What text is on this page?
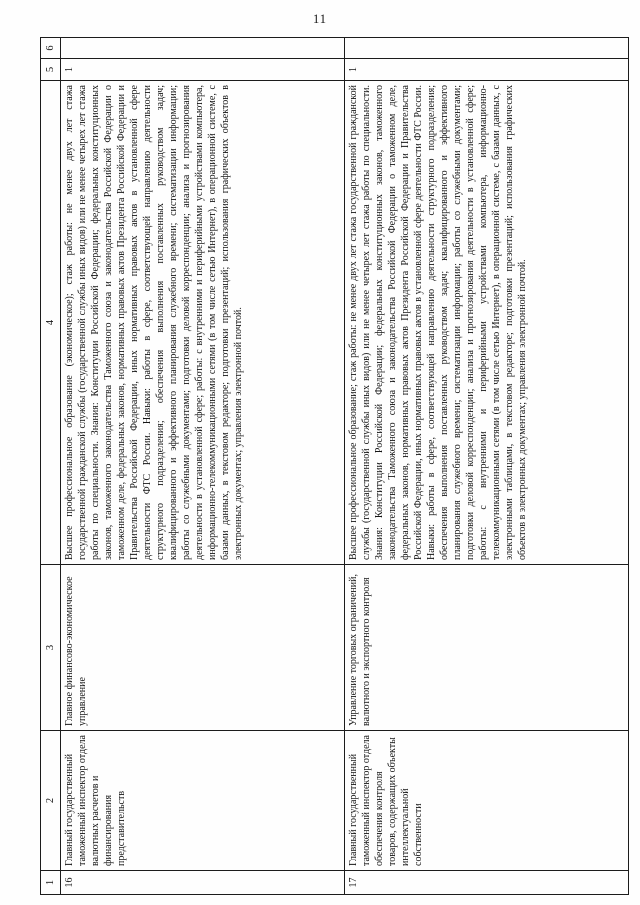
11
1	2	3	4	5	6
16	Главный государственный таможенный инспектор отдела валютных расчетов и финансирования представительств	Главное финансово-экономическое управление	Высшее профессиональное образование (экономическое); стаж работы: не менее двух лет стажа государственной гражданской службы (государственной службы иных видов) или не менее четырех лет стажа работы по специальности. Знания: Конституции Российской Федерации; федеральных конституционных законов, таможенного законодательства Таможенного союза и законодательства Российской Федерации о таможенном деле, федеральных законов, нормативных правовых актов Президента Российской Федерации и Правительства Российской Федерации, иных нормативных правовых актов в установленной сфере деятельности ФТС России. Навыки: работы в сфере, соответствующей направлению деятельности структурного подразделения; обеспечения выполнения поставленных руководством задач; квалифицированного и эффективного планирования служебного времени; систематизации информации; работы со служебными документами; подготовки деловой корреспонденции; анализа и прогнозирования деятельности в установленной сфере; работы: с внутренними и периферийными устройствами компьютера, информационно-телекоммуникационными сетями (в том числе сетью Интернет), в операционной системе, с базами данных, в текстовом редакторе; подготовки презентаций; использования графических объектов в электронных документах; управления электронной почтой.	1	
17	Главный государственный таможенный инспектор отдела обеспечения контроля товаров, содержащих объекты интеллектуальной собственности	Управление торговых ограничений, валютного и экспортного контроля	Высшее профессиональное образование; стаж работы: не менее двух лет стажа государственной гражданской службы (государственной службы иных видов) или не менее четырех лет стажа работы по специальности. Знания: Конституции Российской Федерации; федеральных конституционных законов, таможенного законодательства Таможенного союза и законодательства Российской Федерации о таможенном деле, федеральных законов, нормативных правовых актов Президента Российской Федерации и Правительства Российской Федерации, иных нормативных правовых актов в установленной сфере деятельности ФТС России. Навыки: работы в сфере, соответствующей направлению деятельности структурного подразделения; обеспечения выполнения поставленных руководством задач; квалифицированного и эффективного планирования служебного времени; систематизации информации; работы со служебными документами; подготовки деловой корреспонденции; анализа и прогнозирования деятельности в установленной сфере; работы: с внутренними и периферийными устройствами компьютера, информационно-телекоммуникационными сетями (в том числе сетью Интернет), в операционной системе, с базами данных, с электронными таблицами, в текстовом редакторе; подготовки презентаций; использования графических объектов в электронных документах; управления электронной почтой.	1	
